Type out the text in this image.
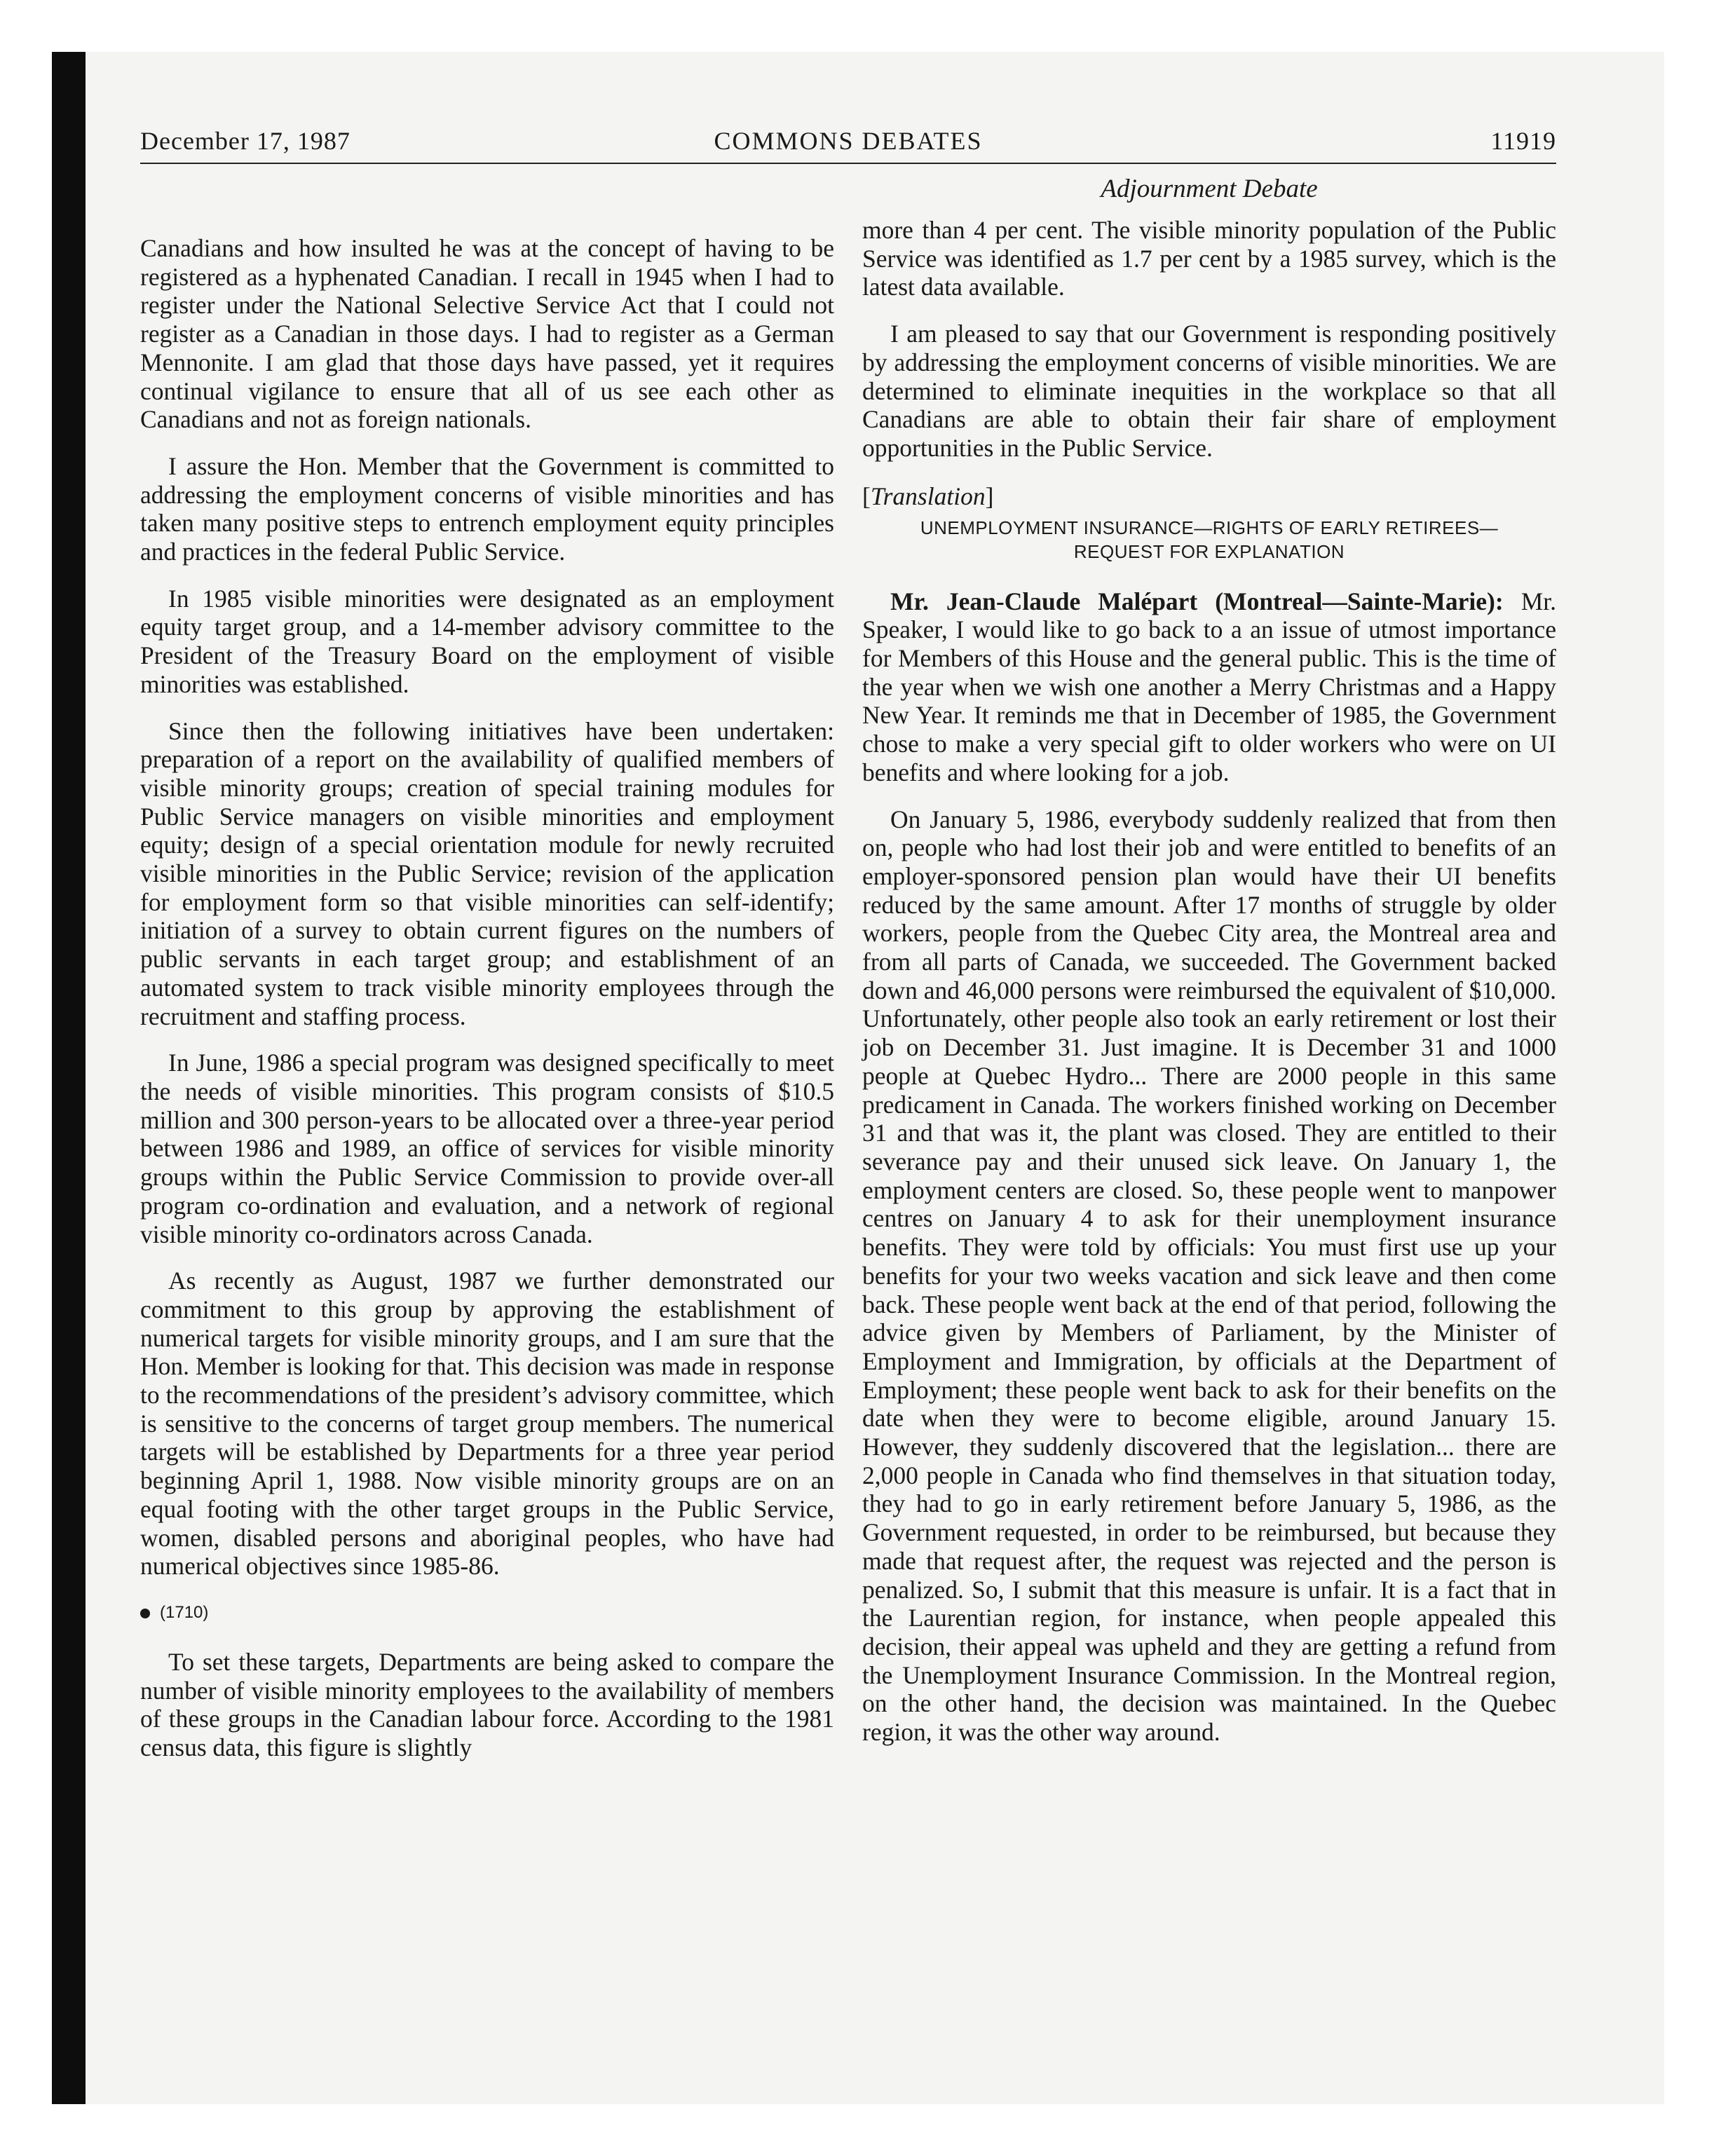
December 17, 1987	COMMONS DEBATES	11919

Canadians and how insulted he was at the concept of having to be registered as a hyphenated Canadian. I recall in 1945 when I had to register under the National Selective Service Act that I could not register as a Canadian in those days. I had to register as a German Mennonite. I am glad that those days have passed, yet it requires continual vigilance to ensure that all of us see each other as Canadians and not as foreign nationals.

I assure the Hon. Member that the Government is committed to addressing the employment concerns of visible minorities and has taken many positive steps to entrench employment equity principles and practices in the federal Public Service.

In 1985 visible minorities were designated as an employment equity target group, and a 14-member advisory committee to the President of the Treasury Board on the employment of visible minorities was established.

Since then the following initiatives have been undertaken: preparation of a report on the availability of qualified members of visible minority groups; creation of special training modules for Public Service managers on visible minorities and employment equity; design of a special orientation module for newly recruited visible minorities in the Public Service; revision of the application for employment form so that visible minorities can self-identify; initiation of a survey to obtain current figures on the numbers of public servants in each target group; and establishment of an automated system to track visible minority employees through the recruitment and staffing process.

In June, 1986 a special program was designed specifically to meet the needs of visible minorities. This program consists of $10.5 million and 300 person-years to be allocated over a three-year period between 1986 and 1989, an office of services for visible minority groups within the Public Service Commission to provide over-all program co-ordination and evaluation, and a network of regional visible minority co-ordinators across Canada.

As recently as August, 1987 we further demonstrated our commitment to this group by approving the establishment of numerical targets for visible minority groups, and I am sure that the Hon. Member is looking for that. This decision was made in response to the recommendations of the president’s advisory committee, which is sensitive to the concerns of target group members. The numerical targets will be established by Departments for a three year period beginning April 1, 1988. Now visible minority groups are on an equal footing with the other target groups in the Public Service, women, disabled persons and aboriginal peoples, who have had numerical objectives since 1985-86.

(1710)

To set these targets, Departments are being asked to compare the number of visible minority employees to the availability of members of these groups in the Canadian labour force. According to the 1981 census data, this figure is slightly

Adjournment Debate

more than 4 per cent. The visible minority population of the Public Service was identified as 1.7 per cent by a 1985 survey, which is the latest data available.

I am pleased to say that our Government is responding positively by addressing the employment concerns of visible minorities. We are determined to eliminate inequities in the workplace so that all Canadians are able to obtain their fair share of employment opportunities in the Public Service.

[Translation]

UNEMPLOYMENT INSURANCE—RIGHTS OF EARLY RETIREES—
REQUEST FOR EXPLANATION

Mr. Jean-Claude Malépart (Montreal—Sainte-Marie): Mr. Speaker, I would like to go back to a an issue of utmost importance for Members of this House and the general public. This is the time of the year when we wish one another a Merry Christmas and a Happy New Year. It reminds me that in December of 1985, the Government chose to make a very special gift to older workers who were on UI benefits and where looking for a job.

On January 5, 1986, everybody suddenly realized that from then on, people who had lost their job and were entitled to benefits of an employer-sponsored pension plan would have their UI benefits reduced by the same amount. After 17 months of struggle by older workers, people from the Quebec City area, the Montreal area and from all parts of Canada, we succeeded. The Government backed down and 46,000 persons were reimbursed the equivalent of $10,000. Unfortunately, other people also took an early retirement or lost their job on December 31. Just imagine. It is December 31 and 1000 people at Quebec Hydro... There are 2000 people in this same predicament in Canada. The workers finished working on December 31 and that was it, the plant was closed. They are entitled to their severance pay and their unused sick leave. On January 1, the employment centers are closed. So, these people went to manpower centres on January 4 to ask for their unemployment insurance benefits. They were told by officials: You must first use up your benefits for your two weeks vacation and sick leave and then come back. These people went back at the end of that period, following the advice given by Members of Parliament, by the Minister of Employment and Immigration, by officials at the Department of Employment; these people went back to ask for their benefits on the date when they were to become eligible, around January 15. However, they suddenly discovered that the legislation... there are 2,000 people in Canada who find themselves in that situation today, they had to go in early retirement before January 5, 1986, as the Government requested, in order to be reimbursed, but because they made that request after, the request was rejected and the person is penalized. So, I submit that this measure is unfair. It is a fact that in the Laurentian region, for instance, when people appealed this decision, their appeal was upheld and they are getting a refund from the Unemployment Insurance Commission. In the Montreal region, on the other hand, the decision was maintained. In the Quebec region, it was the other way around.
